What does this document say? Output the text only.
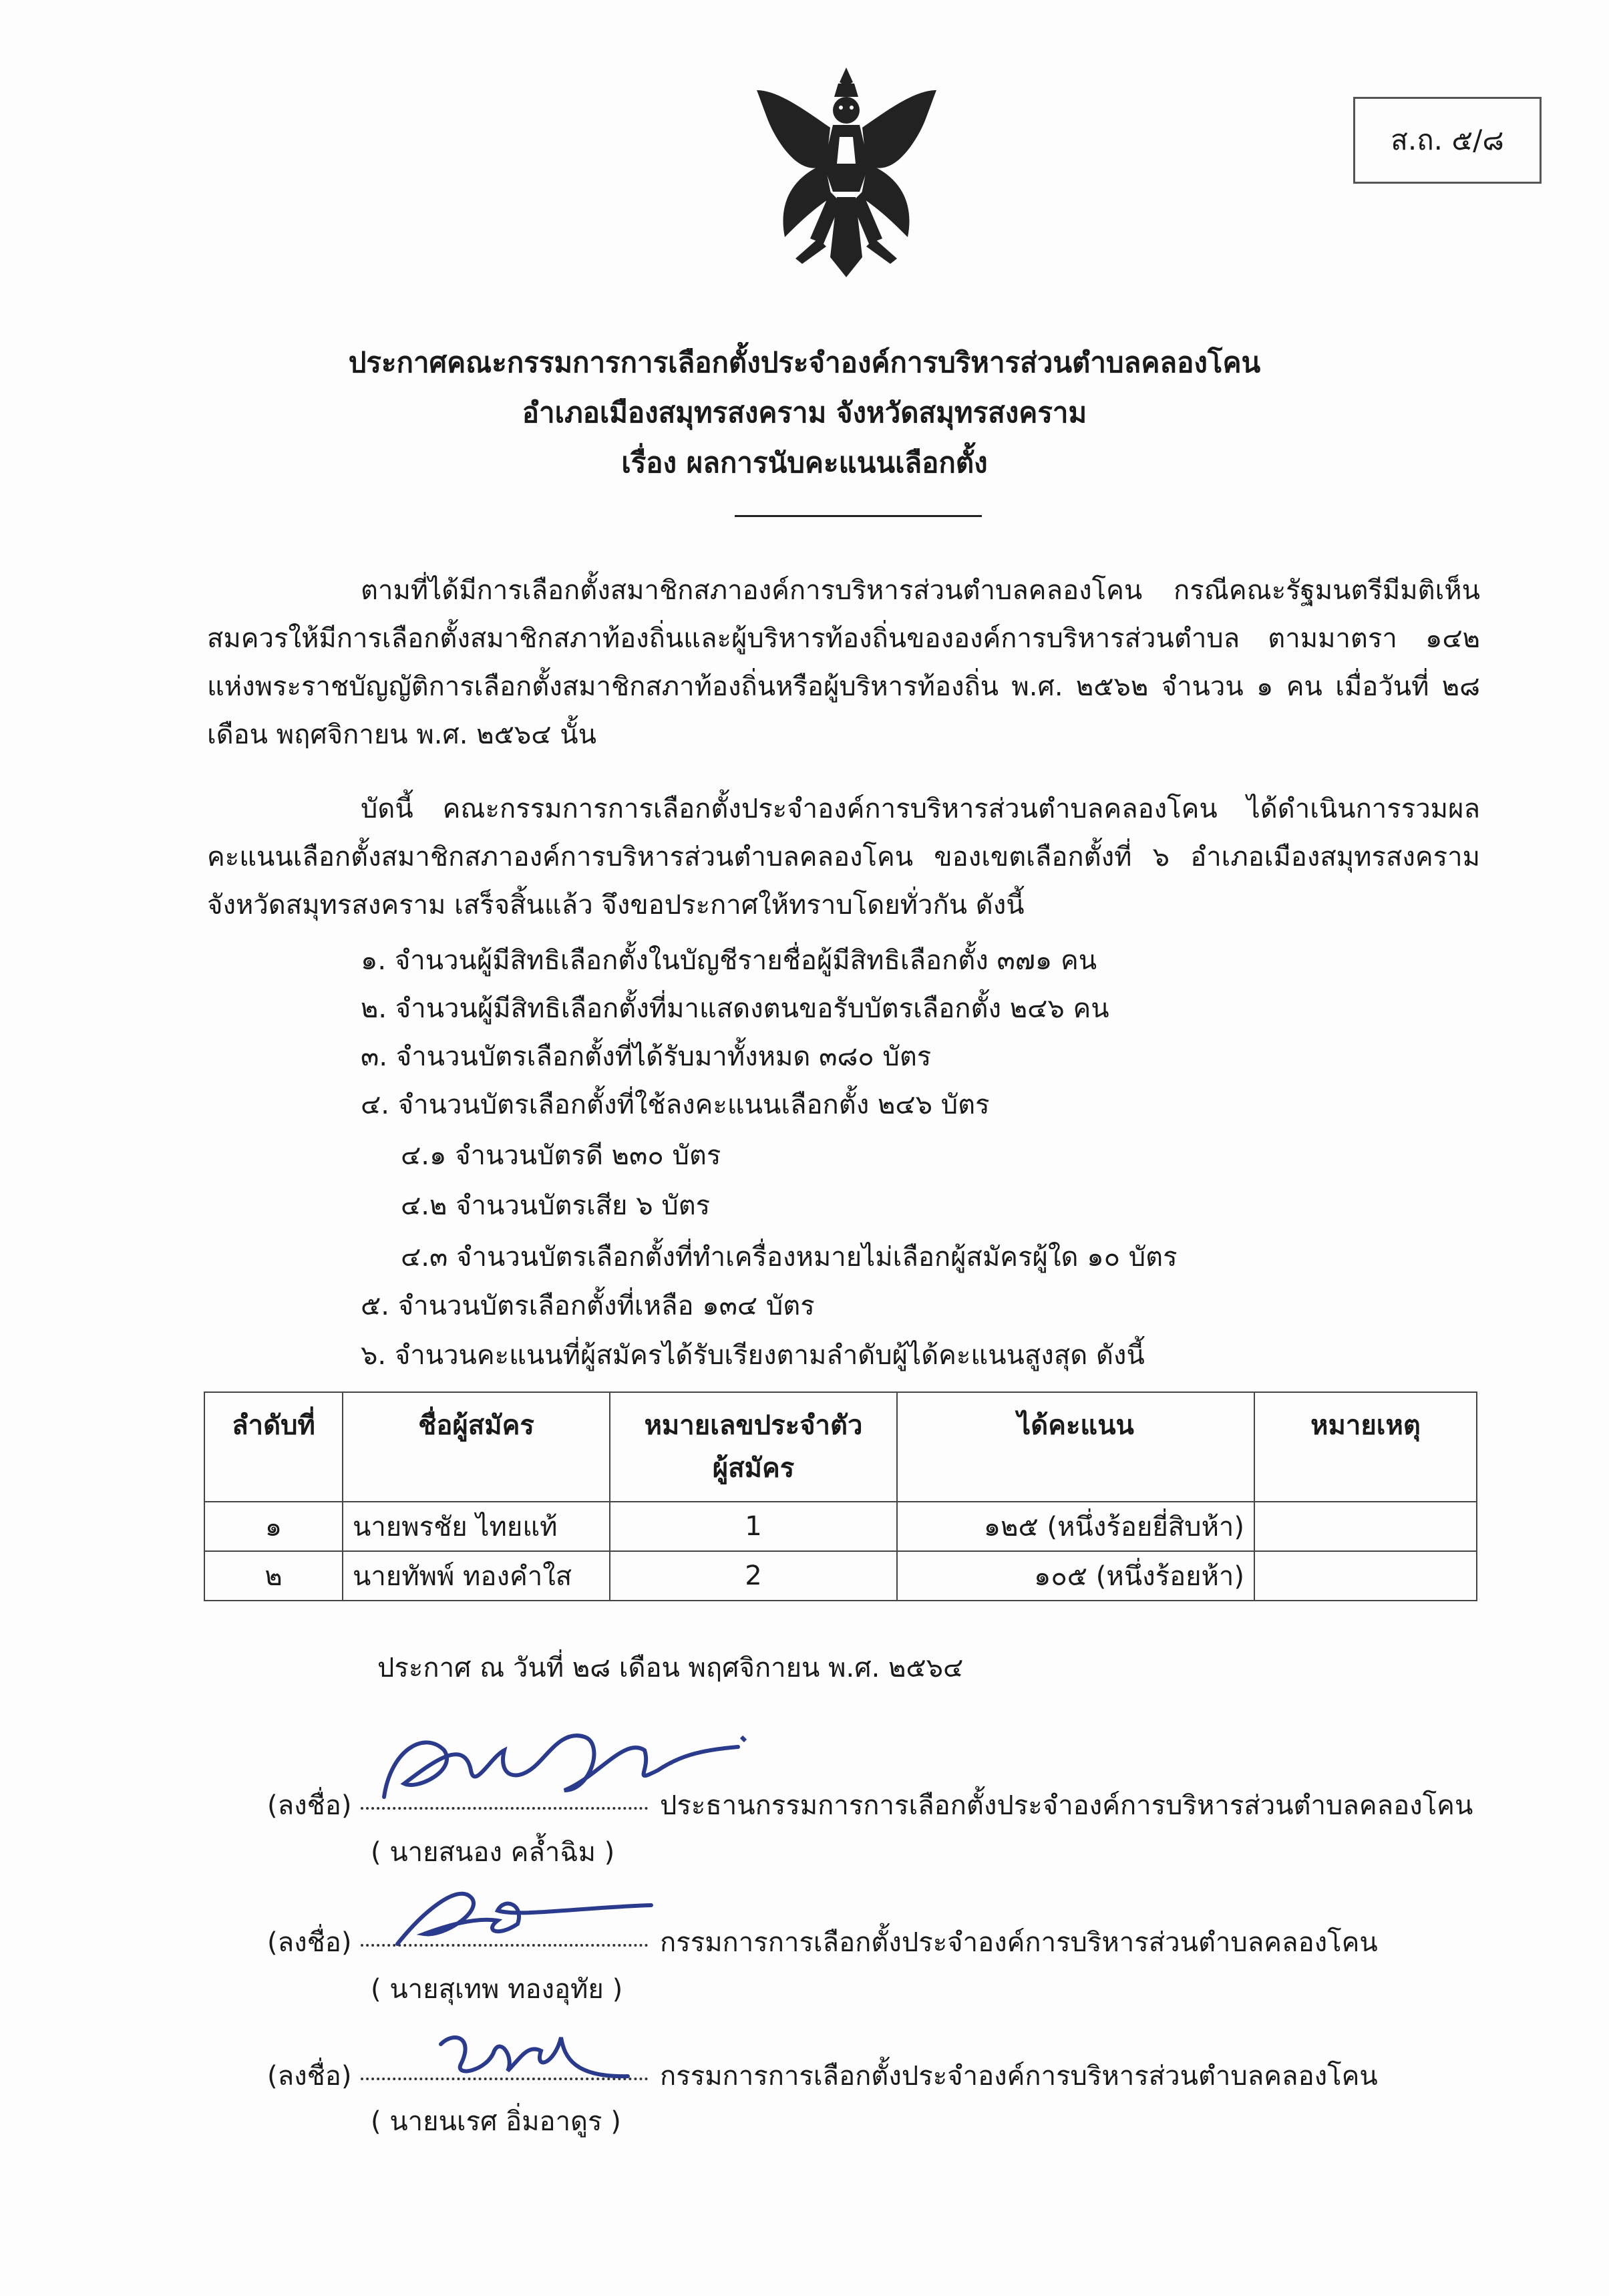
ส.ถ. ๕/๘
ประกาศคณะกรรมการการเลือกตั้งประจำองค์การบริหารส่วนตำบลคลองโคน
อำเภอเมืองสมุทรสงคราม จังหวัดสมุทรสงคราม
เรื่อง ผลการนับคะแนนเลือกตั้ง
ตามที่ได้มีการเลือกตั้งสมาชิกสภาองค์การบริหารส่วนตำบลคลองโคน กรณีคณะรัฐมนตรีมีมติเห็นสมควรให้มีการเลือกตั้งสมาชิกสภาท้องถิ่นและผู้บริหารท้องถิ่นขององค์การบริหารส่วนตำบล ตามมาตรา ๑๔๒ แห่งพระราชบัญญัติการเลือกตั้งสมาชิกสภาท้องถิ่นหรือผู้บริหารท้องถิ่น พ.ศ. ๒๕๖๒ จำนวน ๑ คน เมื่อวันที่ ๒๘ เดือน พฤศจิกายน พ.ศ. ๒๕๖๔ นั้น
บัดนี้ คณะกรรมการการเลือกตั้งประจำองค์การบริหารส่วนตำบลคลองโคน ได้ดำเนินการรวมผลคะแนนเลือกตั้งสมาชิกสภาองค์การบริหารส่วนตำบลคลองโคน ของเขตเลือกตั้งที่ ๖ อำเภอเมืองสมุทรสงคราม จังหวัดสมุทรสงคราม เสร็จสิ้นแล้ว จึงขอประกาศให้ทราบโดยทั่วกัน ดังนี้
๑. จำนวนผู้มีสิทธิเลือกตั้งในบัญชีรายชื่อผู้มีสิทธิเลือกตั้ง ๓๗๑ คน
๒. จำนวนผู้มีสิทธิเลือกตั้งที่มาแสดงตนขอรับบัตรเลือกตั้ง ๒๔๖ คน
๓. จำนวนบัตรเลือกตั้งที่ได้รับมาทั้งหมด ๓๘๐ บัตร
๔. จำนวนบัตรเลือกตั้งที่ใช้ลงคะแนนเลือกตั้ง ๒๔๖ บัตร
๔.๑ จำนวนบัตรดี ๒๓๐ บัตร
๔.๒ จำนวนบัตรเสีย ๖ บัตร
๔.๓ จำนวนบัตรเลือกตั้งที่ทำเครื่องหมายไม่เลือกผู้สมัครผู้ใด ๑๐ บัตร
๕. จำนวนบัตรเลือกตั้งที่เหลือ ๑๓๔ บัตร
๖. จำนวนคะแนนที่ผู้สมัครได้รับเรียงตามลำดับผู้ได้คะแนนสูงสุด ดังนี้
ลำดับที่	ชื่อผู้สมัคร	หมายเลขประจำตัว
ผู้สมัคร	ได้คะแนน	หมายเหตุ
๑	นายพรชัย ไทยแท้	1	๑๒๕ (หนึ่งร้อยยี่สิบห้า)	
๒	นายทัพพ์ ทองคำใส	2	๑๐๕ (หนึ่งร้อยห้า)	
ประกาศ ณ วันที่ ๒๘ เดือน พฤศจิกายน พ.ศ. ๒๕๖๔
(ลงชื่อ)	ประธานกรรมการการเลือกตั้งประจำองค์การบริหารส่วนตำบลคลองโคน
( นายสนอง คล้ำฉิม )
(ลงชื่อ)	กรรมการการเลือกตั้งประจำองค์การบริหารส่วนตำบลคลองโคน
( นายสุเทพ ทองอุทัย )
(ลงชื่อ)	กรรมการการเลือกตั้งประจำองค์การบริหารส่วนตำบลคลองโคน
( นายนเรศ อิ่มอาดูร )
